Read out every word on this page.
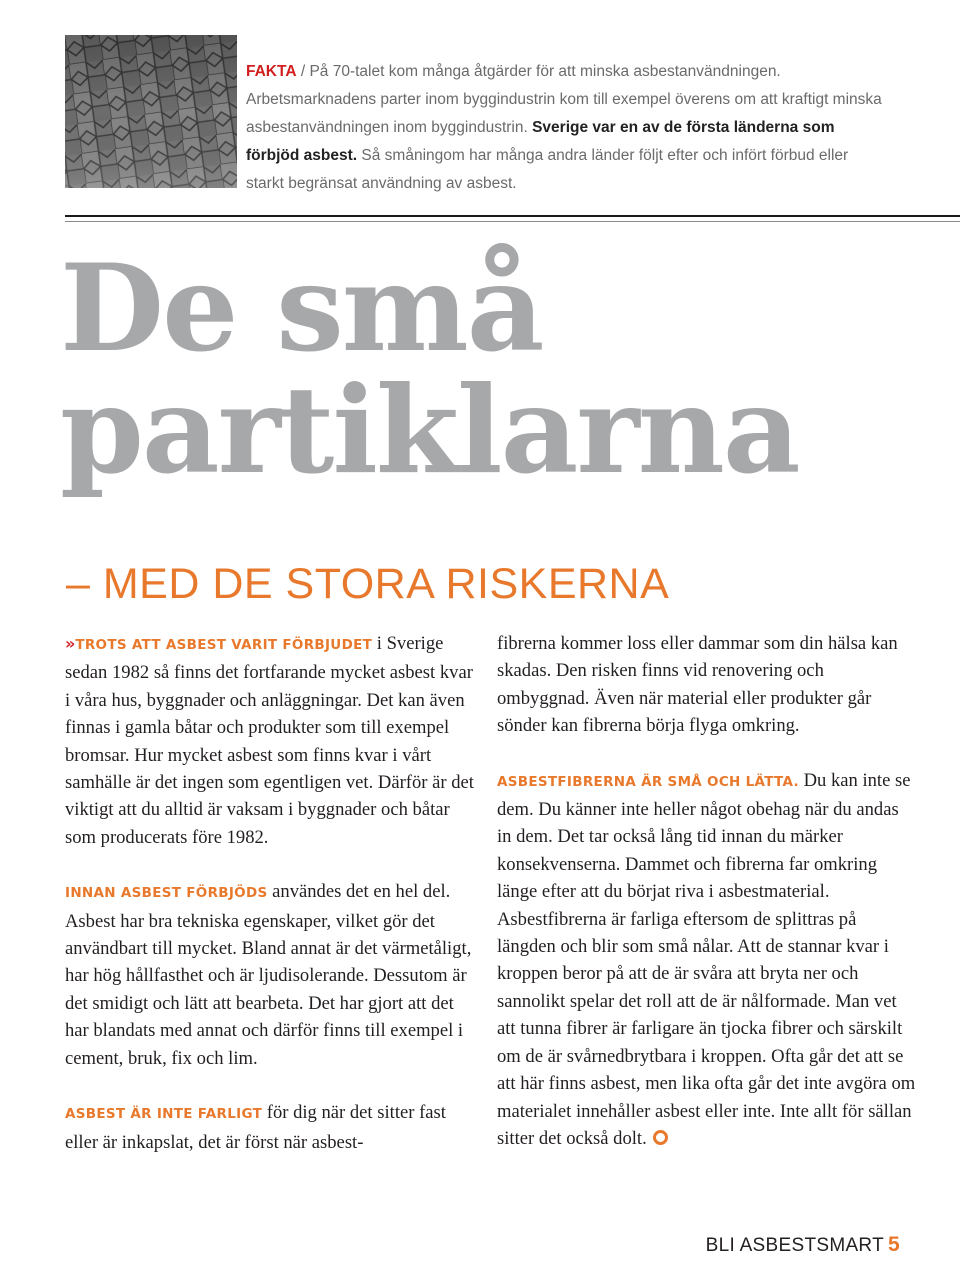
FAKTA / På 70-talet kom många åtgärder för att minska asbestanvändningen. Arbetsmarknadens parter inom byggindustrin kom till exempel överens om att kraftigt minska asbestanvändningen inom byggindustrin. Sverige var en av de första länderna som förbjöd asbest. Så småningom har många andra länder följt efter och infört förbud eller starkt begränsat användning av asbest.
De små
partiklarna
– MED DE STORA RISKERNA

»TROTS ATT ASBEST VARIT FÖRBJUDET i Sverige sedan 1982 så finns det fortfarande mycket asbest kvar i våra hus, byggnader och anläggningar. Det kan även finnas i gamla båtar och produkter som till exempel bromsar. Hur mycket asbest som finns kvar i vårt samhälle är det ingen som egentligen vet. Därför är det viktigt att du alltid är vaksam i byggnader och båtar som producerats före 1982.

INNAN ASBEST FÖRBJÖDS användes det en hel del. Asbest har bra tekniska egenskaper, vilket gör det användbart till mycket. Bland annat är det värmetåligt, har hög hållfasthet och är ljudisolerande. Dessutom är det smidigt och lätt att bearbeta. Det har gjort att det har blandats med annat och därför finns till exempel i cement, bruk, fix och lim.

ASBEST ÄR INTE FARLIGT för dig när det sitter fast eller är inkapslat, det är först när asbest-

fibrerna kommer loss eller dammar som din hälsa kan skadas. Den risken finns vid renovering och ombyggnad. Även när material eller produkter går sönder kan fibrerna börja flyga omkring.

ASBESTFIBRERNA ÄR SMÅ OCH LÄTTA. Du kan inte se dem. Du känner inte heller något obehag när du andas in dem. Det tar också lång tid innan du märker konsekvenserna. Dammet och fibrerna far omkring länge efter att du börjat riva i asbestmaterial. Asbestfibrerna är farliga eftersom de splittras på längden och blir som små nålar. Att de stannar kvar i kroppen beror på att de är svåra att bryta ner och sannolikt spelar det roll att de är nålformade. Man vet att tunna fibrer är farligare än tjocka fibrer och särskilt om de är svårnedbrytbara i kroppen. Ofta går det att se att här finns asbest, men lika ofta går det inte avgöra om materialet innehåller asbest eller inte. Inte allt för sällan sitter det också dolt.

BLI ASBESTSMART 5
